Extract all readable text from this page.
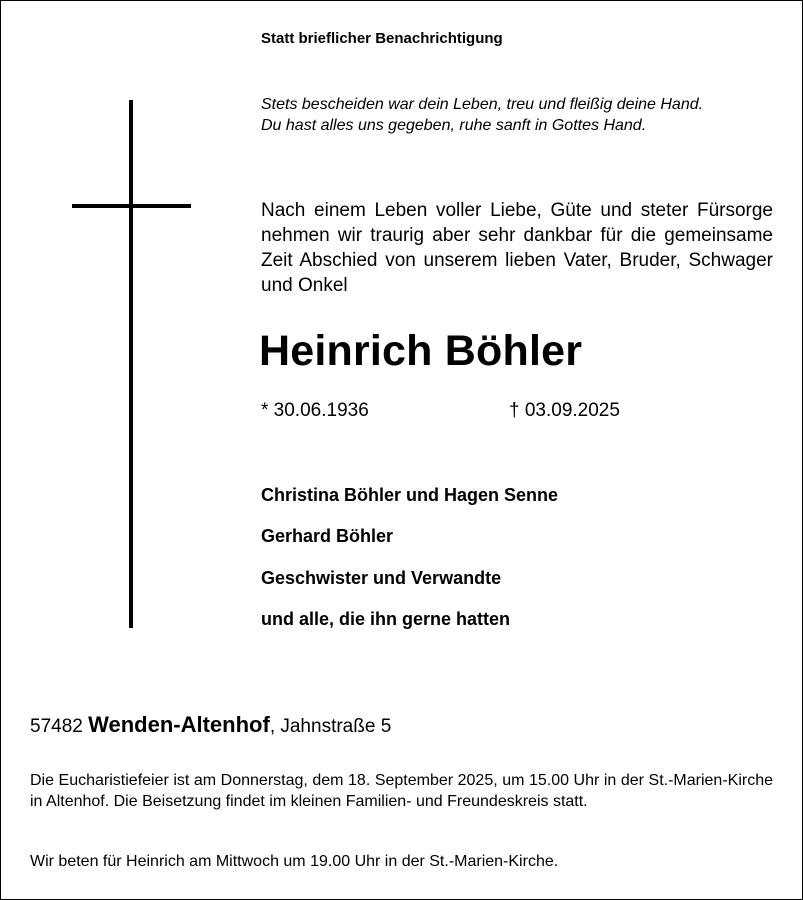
Statt brieflicher Benachrichtigung
Stets bescheiden war dein Leben, treu und fleißig deine Hand.
Du hast alles uns gegeben, ruhe sanft in Gottes Hand.

Nach einem Leben voller Liebe, Güte und steter Fürsorge nehmen wir traurig aber sehr dankbar für die gemeinsame Zeit Abschied von unserem lieben Vater, Bruder, Schwager und Onkel

Heinrich Böhler
* 30.06.1936	† 03.09.2025
Christina Böhler und Hagen Senne
Gerhard Böhler
Geschwister und Verwandte
und alle, die ihn gerne hatten
57482 Wenden-Altenhof, Jahnstraße 5

Die Eucharistiefeier ist am Donnerstag, dem 18. September 2025, um 15.00 Uhr in der St.-Marien-Kirche in Altenhof. Die Beisetzung findet im kleinen Familien- und Freundeskreis statt.

Wir beten für Heinrich am Mittwoch um 19.00 Uhr in der St.-Marien-Kirche.
